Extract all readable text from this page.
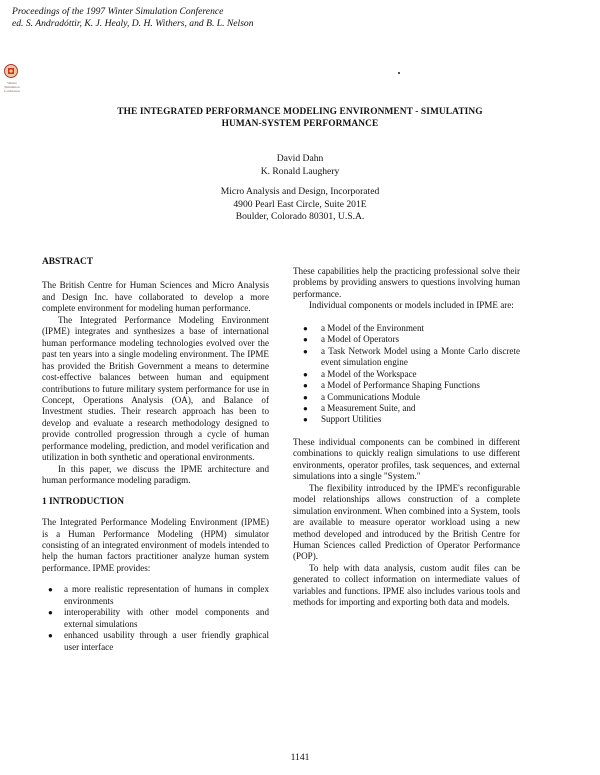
Proceedings of the 1997 Winter Simulation Conference
ed. S. Andradóttir, K. J. Healy, D. H. Withers, and B. L. Nelson
Winter Simulation Conference
THE INTEGRATED PERFORMANCE MODELING ENVIRONMENT - SIMULATING
HUMAN-SYSTEM PERFORMANCE
David Dahn
K. Ronald Laughery
Micro Analysis and Design, Incorporated
4900 Pearl East Circle, Suite 201E
Boulder, Colorado 80301, U.S.A.

ABSTRACT

The British Centre for Human Sciences and Micro Analysis and Design Inc. have collaborated to develop a more complete environment for modeling human performance.

The Integrated Performance Modeling Environment (IPME) integrates and synthesizes a base of international human performance modeling technologies evolved over the past ten years into a single modeling environment. The IPME has provided the British Government a means to determine cost-effective balances between human and equipment contributions to future military system performance for use in Concept, Operations Analysis (OA), and Balance of Investment studies. Their research approach has been to develop and evaluate a research methodology designed to provide controlled progression through a cycle of human performance modeling, prediction, and model verification and utilization in both synthetic and operational environments.

In this paper, we discuss the IPME architecture and human performance modeling paradigm.

1 INTRODUCTION

The Integrated Performance Modeling Environment (IPME) is a Human Performance Modeling (HPM) simulator consisting of an integrated environment of models intended to help the human factors practitioner analyze human system performance. IPME provides:

● a more realistic representation of humans in complex environments
● interoperability with other model components and external simulations
● enhanced usability through a user friendly graphical user interface

These capabilities help the practicing professional solve their problems by providing answers to questions involving human performance.

Individual components or models included in IPME are:

● a Model of the Environment
● a Model of Operators
● a Task Network Model using a Monte Carlo discrete event simulation engine
● a Model of the Workspace
● a Model of Performance Shaping Functions
● a Communications Module
● a Measurement Suite, and
● Support Utilities

These individual components can be combined in different combinations to quickly realign simulations to use different environments, operator profiles, task sequences, and external simulations into a single "System."

The flexibility introduced by the IPME's reconfigurable model relationships allows construction of a complete simulation environment. When combined into a System, tools are available to measure operator workload using a new method developed and introduced by the British Centre for Human Sciences called Prediction of Operator Performance (POP).

To help with data analysis, custom audit files can be generated to collect information on intermediate values of variables and functions. IPME also includes various tools and methods for importing and exporting both data and models.

1141
